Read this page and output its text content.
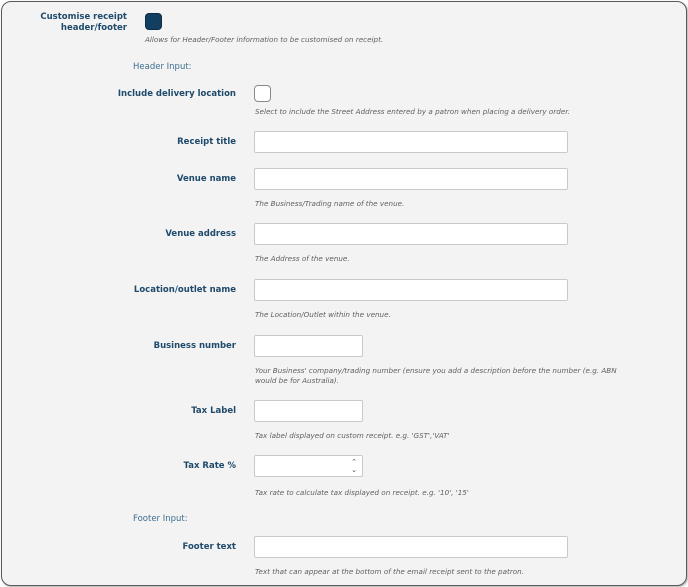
Customise receipt
header/footer
Allows for Header/Footer information to be customised on receipt.
Header Input:
Include delivery location
Select to include the Street Address entered by a patron when placing a delivery order.
Receipt title
Venue name
The Business/Trading name of the venue.
Venue address
The Address of the venue.
Location/outlet name
The Location/Outlet within the venue.
Business number
Your Business' company/trading number (ensure you add a description before the number (e.g. ABN
would be for Australia).
Tax Label
Tax label displayed on custom receipt. e.g. 'GST','VAT'
Tax Rate %	⌃
⌄
Tax rate to calculate tax displayed on receipt. e.g. '10', '15'
Footer Input:
Footer text
Text that can appear at the bottom of the email receipt sent to the patron.
